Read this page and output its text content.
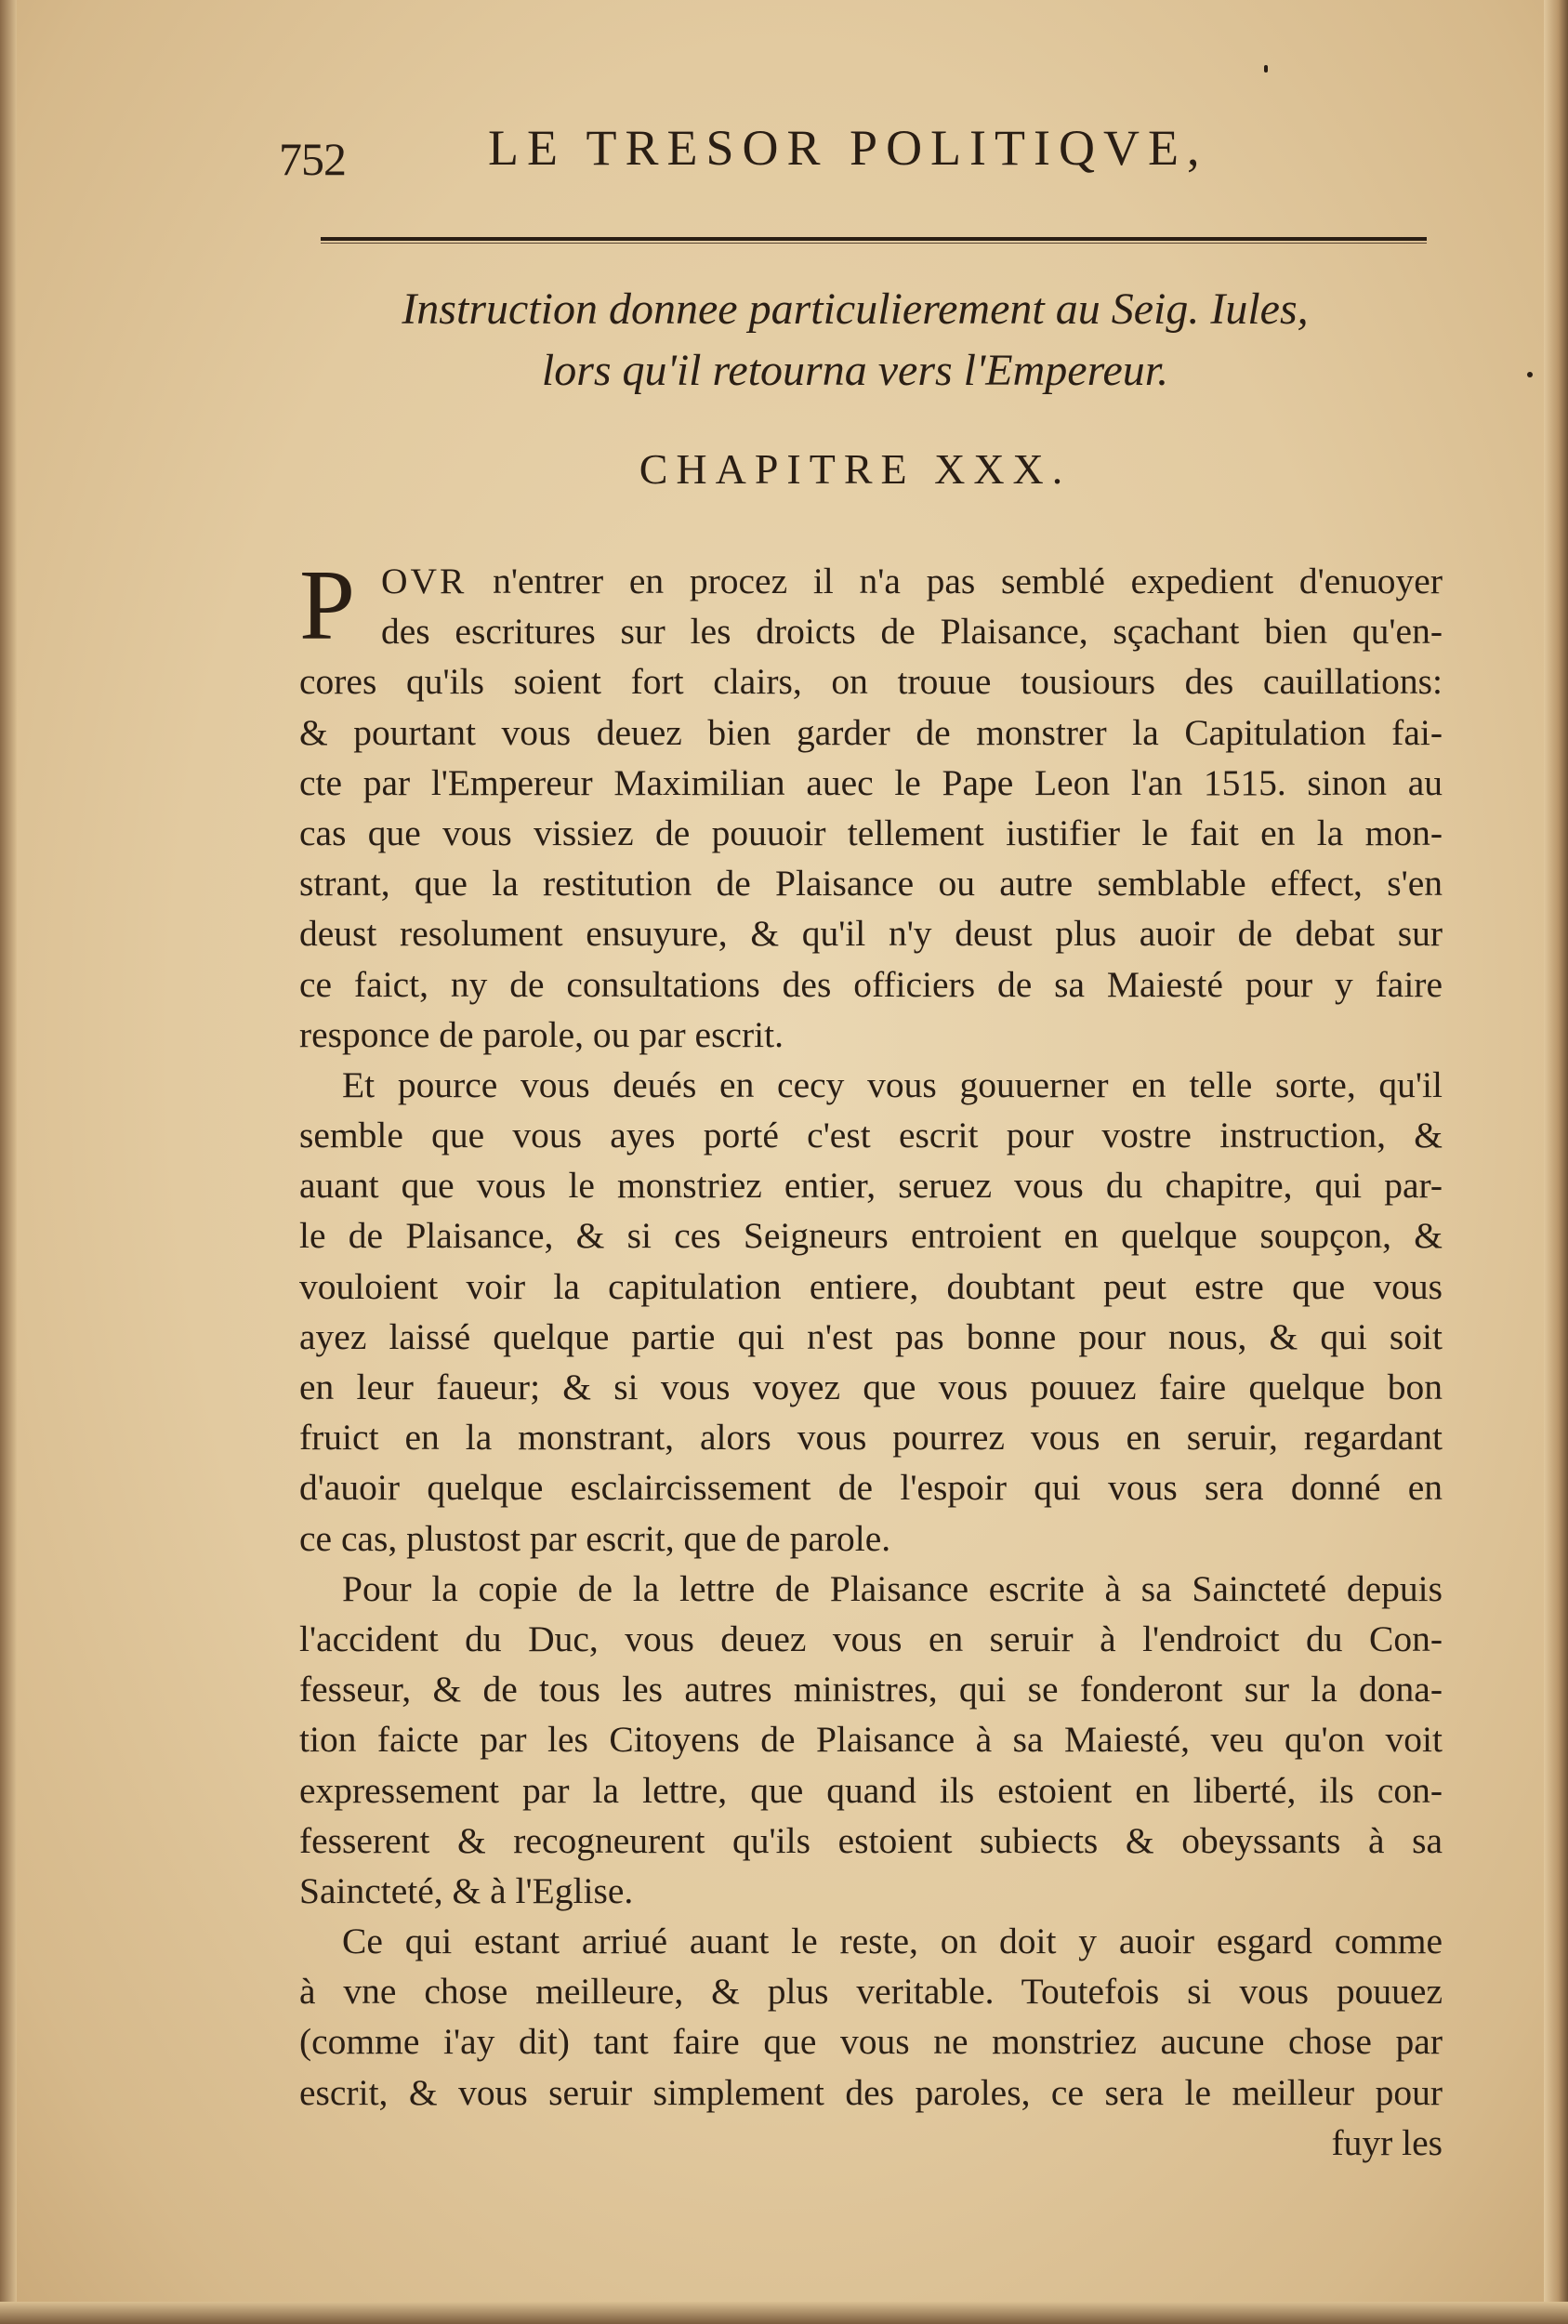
752	LE TRESOR POLITIQVE,
Instruction donnee particulierement au Seig. Iules,
lors qu'il retourna vers l'Empereur.
CHAPITRE XXX.
P OVR n'entrer en procez il n'a pas semblé expedient d'enuoyer
des escritures sur les droicts de Plaisance, sçachant bien qu'en-
cores qu'ils soient fort clairs, on trouue tousiours des cauillations:
& pourtant vous deuez bien garder de monstrer la Capitulation fai-
cte par l'Empereur Maximilian auec le Pape Leon l'an 1515. sinon au
cas que vous vissiez de pouuoir tellement iustifier le fait en la mon-
strant, que la restitution de Plaisance ou autre semblable effect, s'en
deust resolument ensuyure, & qu'il n'y deust plus auoir de debat sur
ce faict, ny de consultations des officiers de sa Maiesté pour y faire
responce de parole, ou par escrit.
Et pource vous deués en cecy vous gouuerner en telle sorte, qu'il
semble que vous ayes porté c'est escrit pour vostre instruction, &
auant que vous le monstriez entier, seruez vous du chapitre, qui par-
le de Plaisance, & si ces Seigneurs entroient en quelque soupçon, &
vouloient voir la capitulation entiere, doubtant peut estre que vous
ayez laissé quelque partie qui n'est pas bonne pour nous, & qui soit
en leur faueur; & si vous voyez que vous pouuez faire quelque bon
fruict en la monstrant, alors vous pourrez vous en seruir, regardant
d'auoir quelque esclaircissement de l'espoir qui vous sera donné en
ce cas, plustost par escrit, que de parole.
Pour la copie de la lettre de Plaisance escrite à sa Saincteté depuis
l'accident du Duc, vous deuez vous en seruir à l'endroict du Con-
fesseur, & de tous les autres ministres, qui se fonderont sur la dona-
tion faicte par les Citoyens de Plaisance à sa Maiesté, veu qu'on voit
expressement par la lettre, que quand ils estoient en liberté, ils con-
fesserent & recogneurent qu'ils estoient subiects & obeyssants à sa
Saincteté, & à l'Eglise.
Ce qui estant arriué auant le reste, on doit y auoir esgard comme
à vne chose meilleure, & plus veritable. Toutefois si vous pouuez
(comme i'ay dit) tant faire que vous ne monstriez aucune chose par
escrit, & vous seruir simplement des paroles, ce sera le meilleur pour
fuyr les
